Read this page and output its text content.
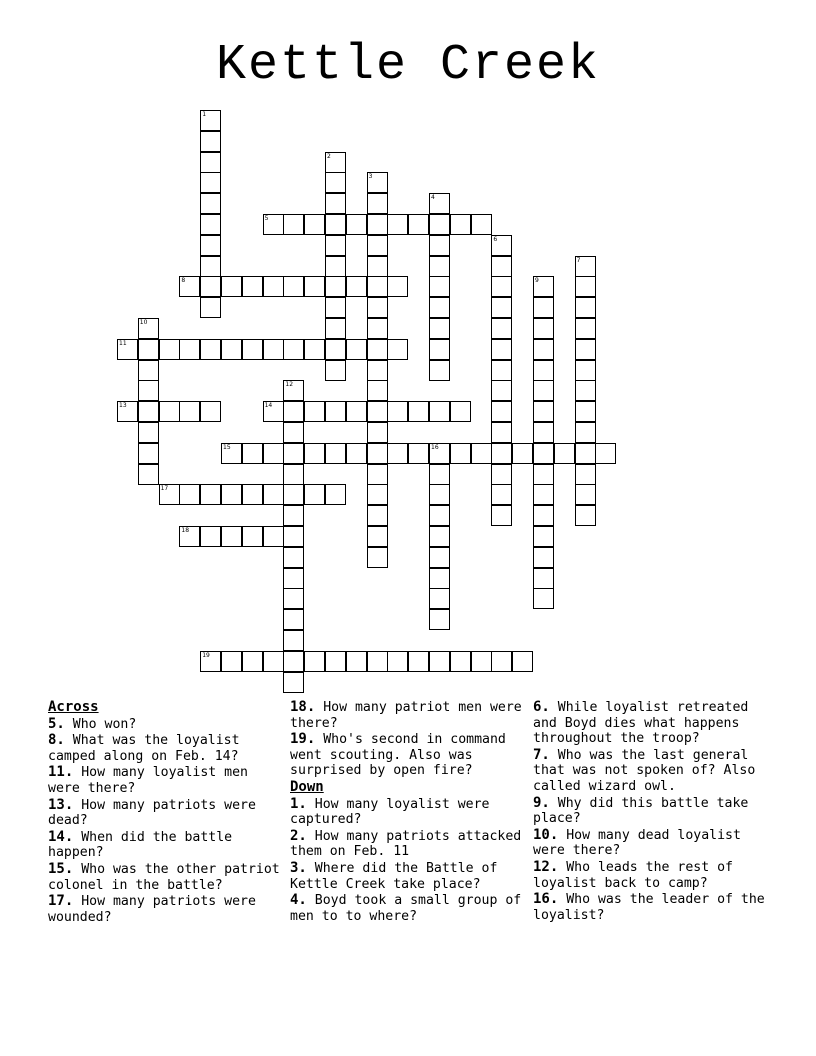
Kettle Creek
1
2
3
4
5
6
7
8	9
10
11
12
13	14
15	16
17
18
19
Across
5. Who won?
8. What was the loyalist camped along on Feb. 14?
11. How many loyalist men were there?
13. How many patriots were dead?
14. When did the battle happen?
15. Who was the other patriot colonel in the battle?
17. How many patriots were wounded?
18. How many patriot men were there?
19. Who's second in command went scouting. Also was surprised by open fire?
Down
1. How many loyalist were captured?
2. How many patriots attacked them on Feb. 11
3. Where did the Battle of Kettle Creek take place?
4. Boyd took a small group of men to to where?
6. While loyalist retreated and Boyd dies what happens throughout the troop?
7. Who was the last general that was not spoken of? Also called wizard owl.
9. Why did this battle take place?
10. How many dead loyalist were there?
12. Who leads the rest of loyalist back to camp?
16. Who was the leader of the loyalist?
